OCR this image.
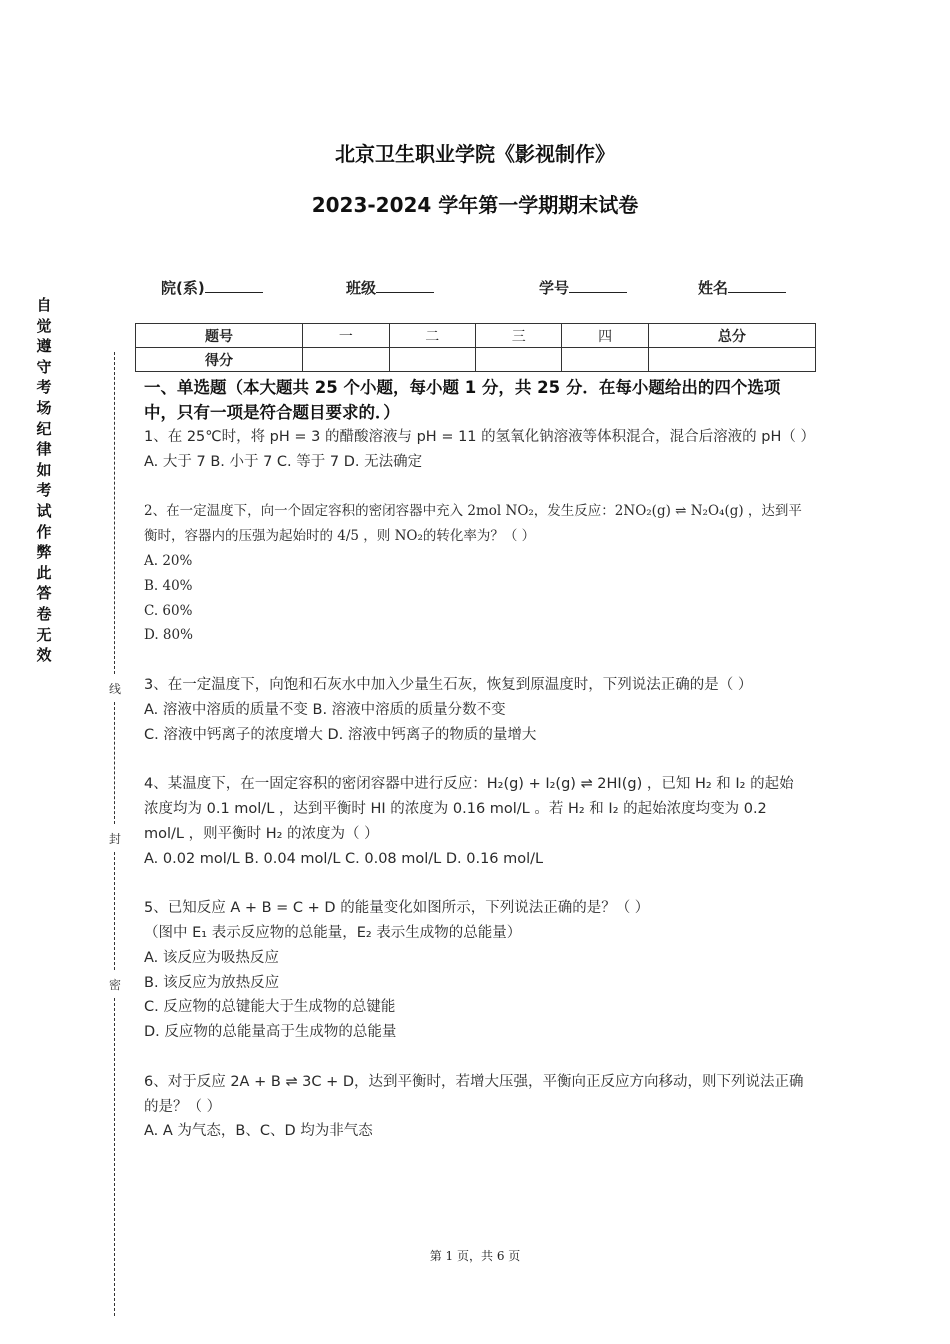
北京卫生职业学院《影视制作》
2023-2024 学年第一学期期末试卷
院(系)	班级	学号	姓名
题号	一	二	三	四	总分
得分					
自觉遵守考场纪律如考试作弊此答卷无效
线
封
密

一、单选题（本大题共 25 个小题，每小题 1 分，共 25 分．在每小题给出的四个选项中，只有一项是符合题目要求的．）

1、在 25℃时，将 pH = 3 的醋酸溶液与 pH = 11 的氢氧化钠溶液等体积混合，混合后溶液的 pH（ ）

A. 大于 7 B. 小于 7 C. 等于 7 D. 无法确定

2、在一定温度下，向一个固定容积的密闭容器中充入 2mol NO₂，发生反应：2NO₂(g) ⇌ N₂O₄(g) ，达到平衡时，容器内的压强为起始时的 4/5 ，则 NO₂的转化率为？（ ）

A. 20%

B. 40%

C. 60%

D. 80%

3、在一定温度下，向饱和石灰水中加入少量生石灰，恢复到原温度时，下列说法正确的是（ ）

A. 溶液中溶质的质量不变 B. 溶液中溶质的质量分数不变

C. 溶液中钙离子的浓度增大 D. 溶液中钙离子的物质的量增大

4、某温度下，在一固定容积的密闭容器中进行反应：H₂(g) + I₂(g) ⇌ 2HI(g) ，已知 H₂ 和 I₂ 的起始浓度均为 0.1 mol/L ，达到平衡时 HI 的浓度为 0.16 mol/L 。若 H₂ 和 I₂ 的起始浓度均变为 0.2 mol/L ，则平衡时 H₂ 的浓度为（ ）

A. 0.02 mol/L B. 0.04 mol/L C. 0.08 mol/L D. 0.16 mol/L

5、已知反应 A + B = C + D 的能量变化如图所示，下列说法正确的是？（ ）

（图中 E₁ 表示反应物的总能量，E₂ 表示生成物的总能量）

A. 该反应为吸热反应

B. 该反应为放热反应

C. 反应物的总键能大于生成物的总键能

D. 反应物的总能量高于生成物的总能量

6、对于反应 2A + B ⇌ 3C + D，达到平衡时，若增大压强，平衡向正反应方向移动，则下列说法正确的是？（ ）

A. A 为气态，B、C、D 均为非气态

第 1 页，共 6 页
